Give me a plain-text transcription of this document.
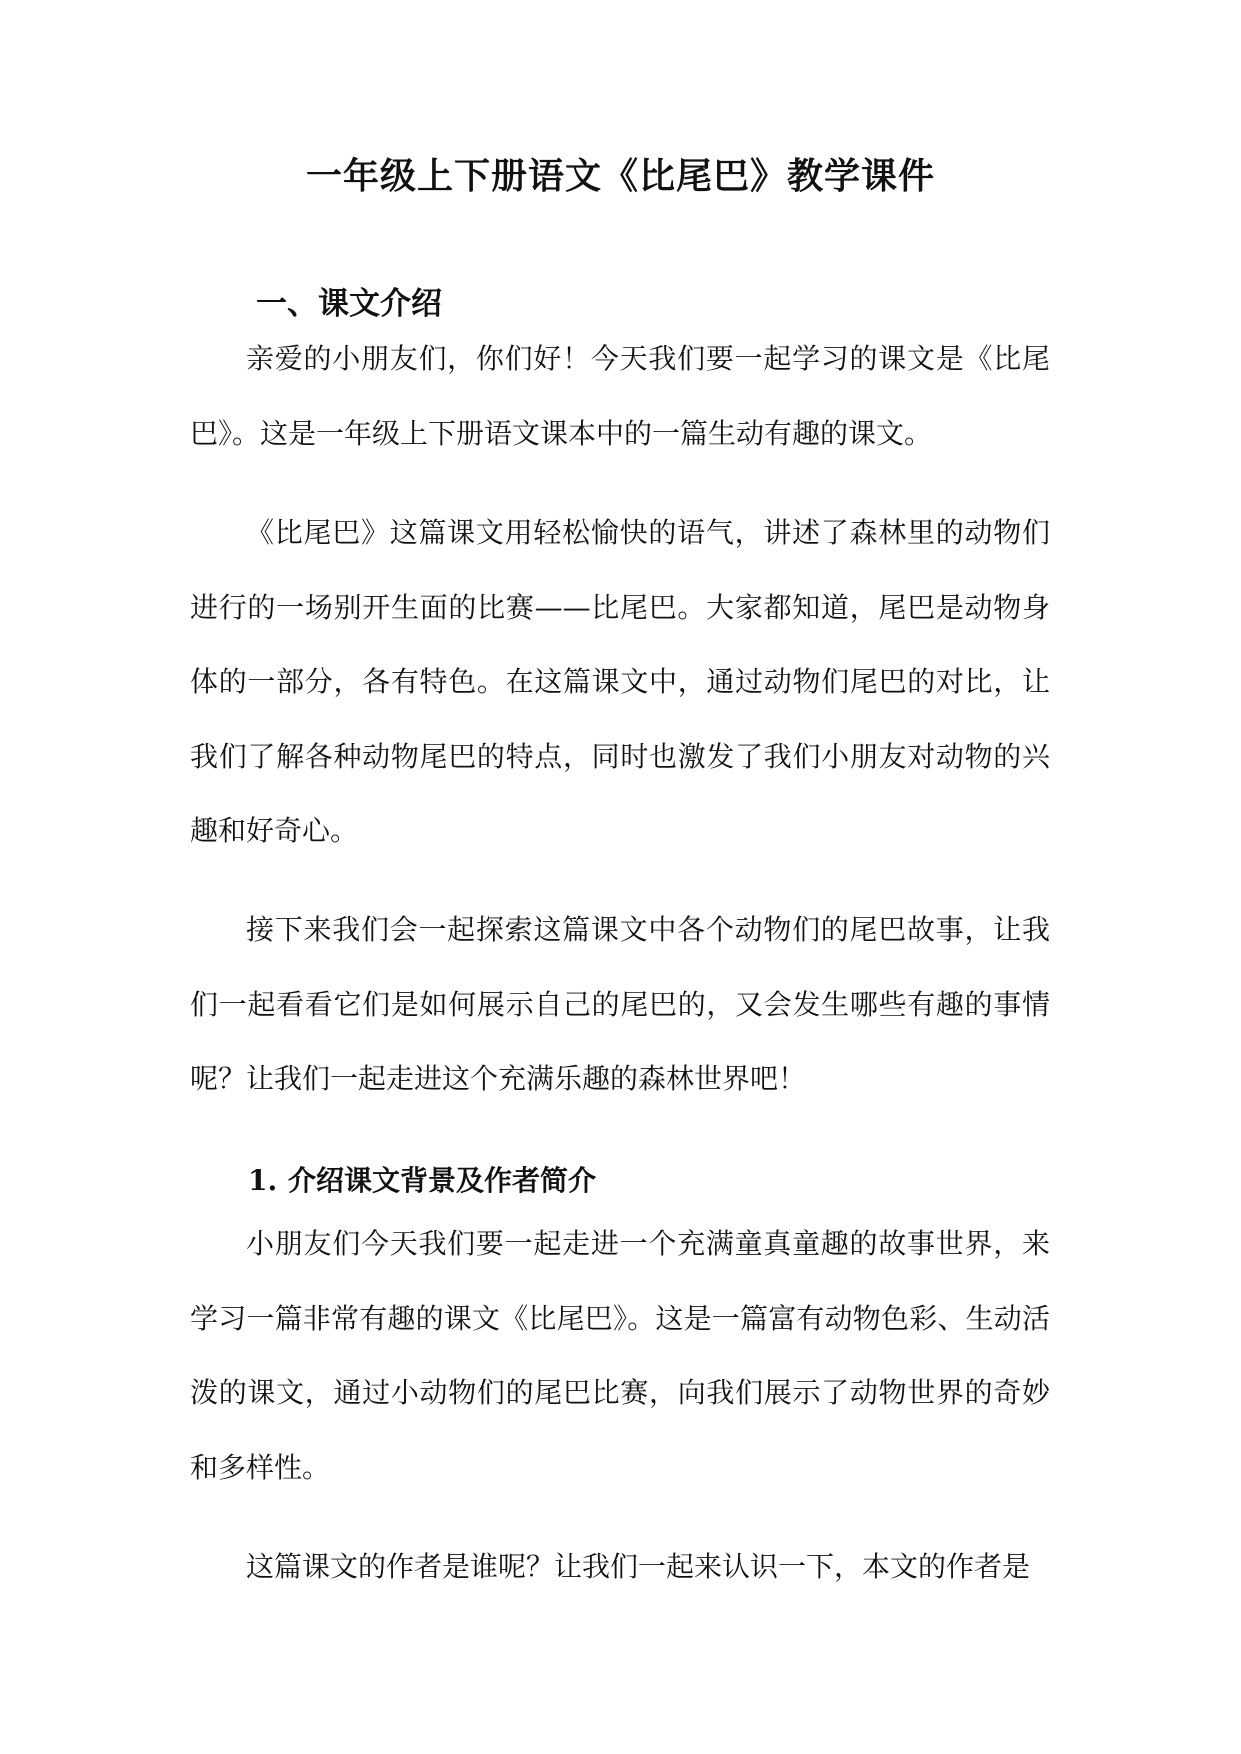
一年级上下册语文《比尾巴》教学课件
一、课文介绍

亲爱的小朋友们，你们好！今天我们要一起学习的课文是《比尾巴》。这是一年级上下册语文课本中的一篇生动有趣的课文。

《比尾巴》这篇课文用轻松愉快的语气，讲述了森林里的动物们进行的一场别开生面的比赛——比尾巴。大家都知道，尾巴是动物身体的一部分，各有特色。在这篇课文中，通过动物们尾巴的对比，让我们了解各种动物尾巴的特点，同时也激发了我们小朋友对动物的兴趣和好奇心。

接下来我们会一起探索这篇课文中各个动物们的尾巴故事，让我们一起看看它们是如何展示自己的尾巴的，又会发生哪些有趣的事情呢？让我们一起走进这个充满乐趣的森林世界吧！

1. 介绍课文背景及作者简介

小朋友们今天我们要一起走进一个充满童真童趣的故事世界，来学习一篇非常有趣的课文《比尾巴》。这是一篇富有动物色彩、生动活泼的课文，通过小动物们的尾巴比赛，向我们展示了动物世界的奇妙和多样性。

这篇课文的作者是谁呢？让我们一起来认识一下，本文的作者是
